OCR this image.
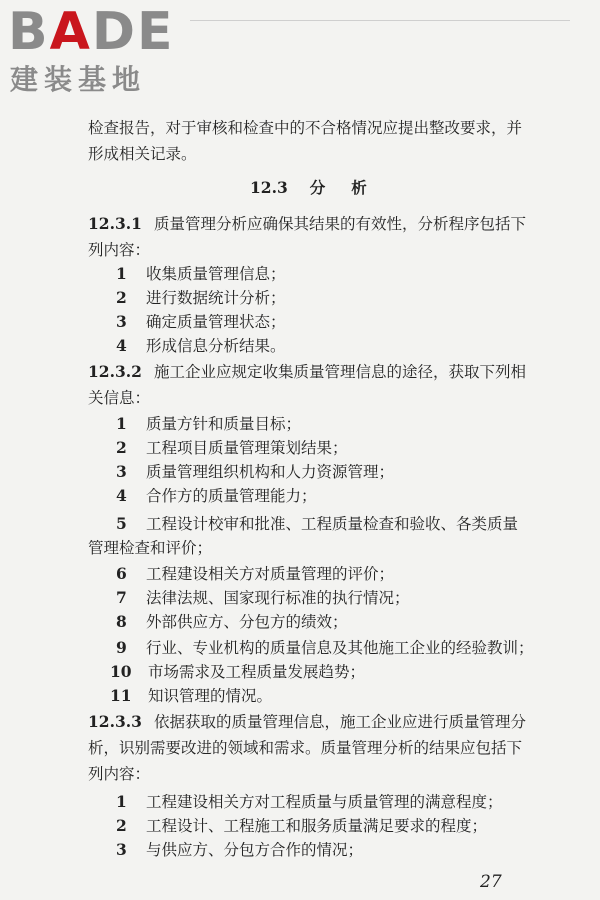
BADE
建装基地
检查报告，对于审核和检查中的不合格情况应提出整改要求，并
形成相关记录。
12.3 分 析
12.3.1 质量管理分析应确保其结果的有效性，分析程序包括下
列内容：
1 收集质量管理信息；
2 进行数据统计分析；
3 确定质量管理状态；
4 形成信息分析结果。
12.3.2 施工企业应规定收集质量管理信息的途径，获取下列相
关信息：
1 质量方针和质量目标；
2 工程项目质量管理策划结果；
3 质量管理组织机构和人力资源管理；
4 合作方的质量管理能力；
5 工程设计校审和批准、工程质量检查和验收、各类质量
管理检查和评价；
6 工程建设相关方对质量管理的评价；
7 法律法规、国家现行标准的执行情况；
8 外部供应方、分包方的绩效；
9 行业、专业机构的质量信息及其他施工企业的经验教训；
10 市场需求及工程质量发展趋势；
11 知识管理的情况。
12.3.3 依据获取的质量管理信息，施工企业应进行质量管理分
析，识别需要改进的领域和需求。质量管理分析的结果应包括下
列内容：
1 工程建设相关方对工程质量与质量管理的满意程度；
2 工程设计、工程施工和服务质量满足要求的程度；
3 与供应方、分包方合作的情况；
27
